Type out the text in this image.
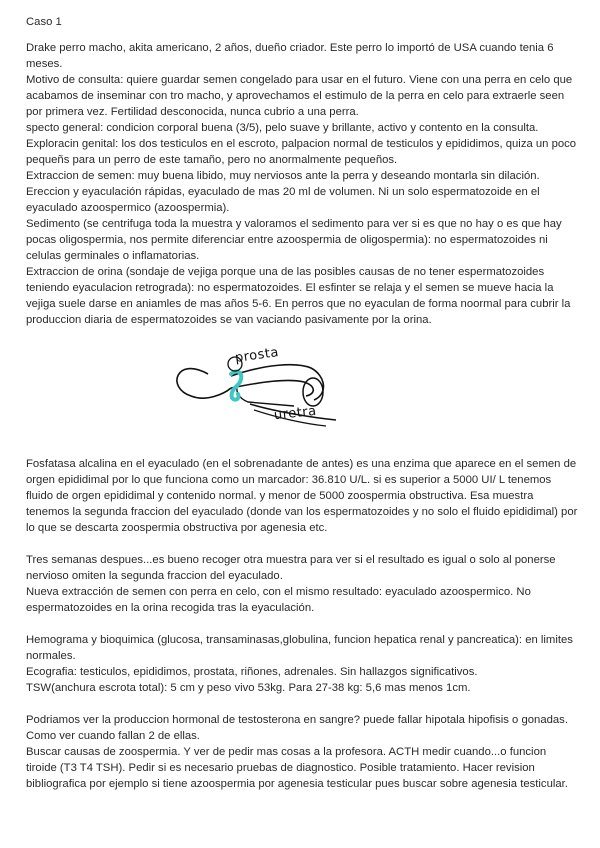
Caso 1

Drake perro macho, akita americano, 2 años, dueño criador. Este perro lo importó de USA cuando tenia 6 meses.

Motivo de consulta: quiere guardar semen congelado para usar en el futuro. Viene con una perra en celo que acabamos de inseminar con tro macho, y aprovechamos el estimulo de la perra en celo para extraerle seen por primera vez. Fertilidad desconocida, nunca cubrio a una perra.

specto general: condicion corporal buena (3/5), pelo suave y brillante, activo y contento en la consulta.

Exploracin genital: los dos testiculos en el escroto, palpacion normal de testiculos y epididimos, quiza un poco pequeñs para un perro de este tamaño, pero no anormalmente pequeños.

Extraccion de semen: muy buena libido, muy nerviosos ante la perra y deseando montarla sin dilación.

Ereccion y eyaculación rápidas, eyaculado de mas 20 ml de volumen. Ni un solo espermatozoide en el eyaculado azoospermico (azoospermia).

Sedimento (se centrifuga toda la muestra y valoramos el sedimento para ver si es que no hay o es que hay pocas oligospermia, nos permite diferenciar entre azoospermia de oligospermia): no espermatozoides ni celulas germinales o inflamatorias.

Extraccion de orina (sondaje de vejiga porque una de las posibles causas de no tener espermatozoides teniendo eyaculacion retrograda): no espermatozoides. El esfinter se relaja y el semen se mueve hacia la vejiga suele darse en aniamles de mas años 5-6. En perros que no eyaculan de forma noormal para cubrir la produccion diaria de espermatozoides se van vaciando pasivamente por la orina.

prosta
uretra

Fosfatasa alcalina en el eyaculado (en el sobrenadante de antes) es una enzima que aparece en el semen de orgen epididimal por lo que funciona como un marcador: 36.810 U/L. si es superior a 5000 UI/ L tenemos fluido de orgen epididimal y contenido normal. y menor de 5000 zoospermia obstructiva. Esa muestra tenemos la segunda fraccion del eyaculado (donde van los espermatozoides y no solo el fluido epididimal) por lo que se descarta zoospermia obstructiva por agenesia etc.

Tres semanas despues...es bueno recoger otra muestra para ver si el resultado es igual o solo al ponerse nervioso omiten la segunda fraccion del eyaculado.

Nueva extracción de semen con perra en celo, con el mismo resultado: eyaculado azoospermico. No espermatozoides en la orina recogida tras la eyaculación.

Hemograma y bioquimica (glucosa, transaminasas,globulina, funcion hepatica renal y pancreatica): en limites normales.

Ecografia: testiculos, epididimos, prostata, riñones, adrenales. Sin hallazgos significativos.

TSW(anchura escrota total): 5 cm y peso vivo 53kg. Para 27-38 kg: 5,6 mas menos 1cm.

Podriamos ver la produccion hormonal de testosterona en sangre? puede fallar hipotala hipofisis o gonadas. Como ver cuando fallan 2 de ellas.

Buscar causas de zoospermia. Y ver de pedir mas cosas a la profesora. ACTH medir cuando...o funcion tiroide (T3 T4 TSH). Pedir si es necesario pruebas de diagnostico. Posible tratamiento. Hacer revision bibliografica por ejemplo si tiene azoospermia por agenesia testicular pues buscar sobre agenesia testicular.
